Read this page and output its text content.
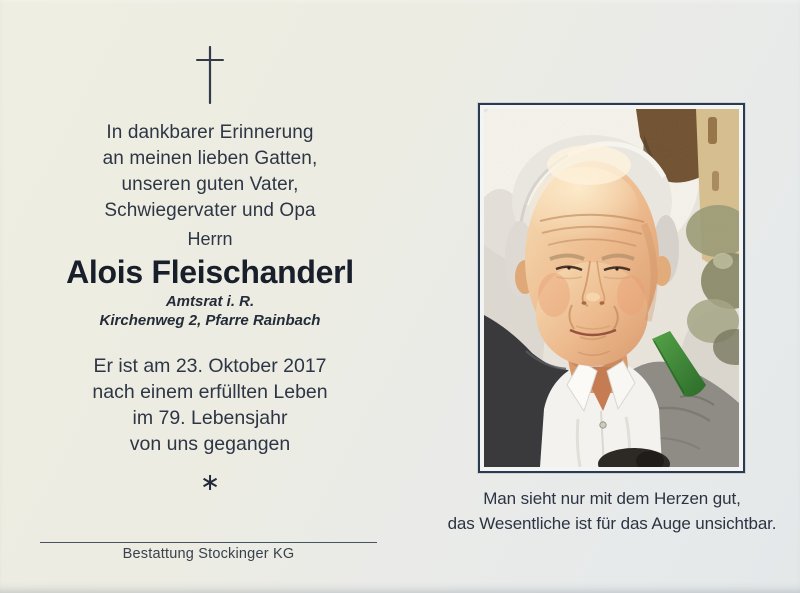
In dankbarer Erinnerung
an meinen lieben Gatten,
unseren guten Vater,
Schwiegervater und Opa
Herrn
Alois Fleischanderl
Amtsrat i. R.
Kirchenweg 2, Pfarre Rainbach
Er ist am 23. Oktober 2017
nach einem erfüllten Leben
im 79. Lebensjahr
von uns gegangen
∗
Bestattung Stockinger KG
Man sieht nur mit dem Herzen gut,
das Wesentliche ist für das Auge unsichtbar.
